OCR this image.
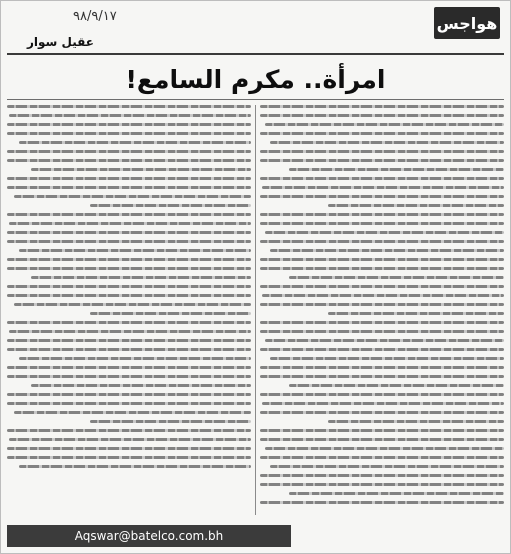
هواجس
٩٨/٩/١٧
عقيل سوار
امرأة.. مكرم السامع!
Aqswar@batelco.com.bh
